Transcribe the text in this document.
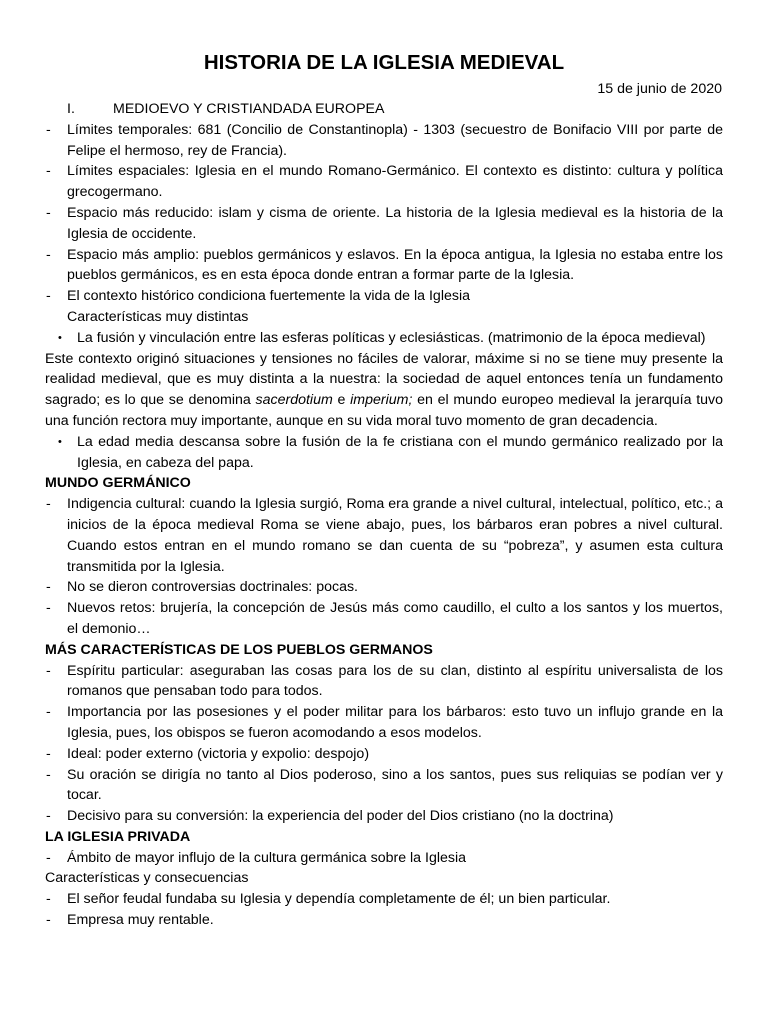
HISTORIA DE LA IGLESIA MEDIEVAL
15 de junio de 2020
I.	MEDIOEVO Y CRISTIANDADA EUROPEA
- Límites temporales: 681 (Concilio de Constantinopla) - 1303 (secuestro de Bonifacio VIII por parte de Felipe el hermoso, rey de Francia).
- Límites espaciales: Iglesia en el mundo Romano-Germánico. El contexto es distinto: cultura y política grecogermano.
- Espacio más reducido: islam y cisma de oriente. La historia de la Iglesia medieval es la historia de la Iglesia de occidente.
- Espacio más amplio: pueblos germánicos y eslavos. En la época antigua, la Iglesia no estaba entre los pueblos germánicos, es en esta época donde entran a formar parte de la Iglesia.
- El contexto histórico condiciona fuertemente la vida de la Iglesia
Características muy distintas
• La fusión y vinculación entre las esferas políticas y eclesiásticas. (matrimonio de la época medieval)
Este contexto originó situaciones y tensiones no fáciles de valorar, máxime si no se tiene muy presente la realidad medieval, que es muy distinta a la nuestra: la sociedad de aquel entonces tenía un fundamento sagrado; es lo que se denomina sacerdotium e imperium; en el mundo europeo medieval la jerarquía tuvo una función rectora muy importante, aunque en su vida moral tuvo momento de gran decadencia.
• La edad media descansa sobre la fusión de la fe cristiana con el mundo germánico realizado por la Iglesia, en cabeza del papa.
MUNDO GERMÁNICO
- Indigencia cultural: cuando la Iglesia surgió, Roma era grande a nivel cultural, intelectual, político, etc.; a inicios de la época medieval Roma se viene abajo, pues, los bárbaros eran pobres a nivel cultural. Cuando estos entran en el mundo romano se dan cuenta de su “pobreza”, y asumen esta cultura transmitida por la Iglesia.
- No se dieron controversias doctrinales: pocas.
- Nuevos retos: brujería, la concepción de Jesús más como caudillo, el culto a los santos y los muertos, el demonio…
MÁS CARACTERÍSTICAS DE LOS PUEBLOS GERMANOS
- Espíritu particular: aseguraban las cosas para los de su clan, distinto al espíritu universalista de los romanos que pensaban todo para todos.
- Importancia por las posesiones y el poder militar para los bárbaros: esto tuvo un influjo grande en la Iglesia, pues, los obispos se fueron acomodando a esos modelos.
- Ideal: poder externo (victoria y expolio: despojo)
- Su oración se dirigía no tanto al Dios poderoso, sino a los santos, pues sus reliquias se podían ver y tocar.
- Decisivo para su conversión: la experiencia del poder del Dios cristiano (no la doctrina)
LA IGLESIA PRIVADA
- Ámbito de mayor influjo de la cultura germánica sobre la Iglesia
Características y consecuencias
- El señor feudal fundaba su Iglesia y dependía completamente de él; un bien particular.
- Empresa muy rentable.
